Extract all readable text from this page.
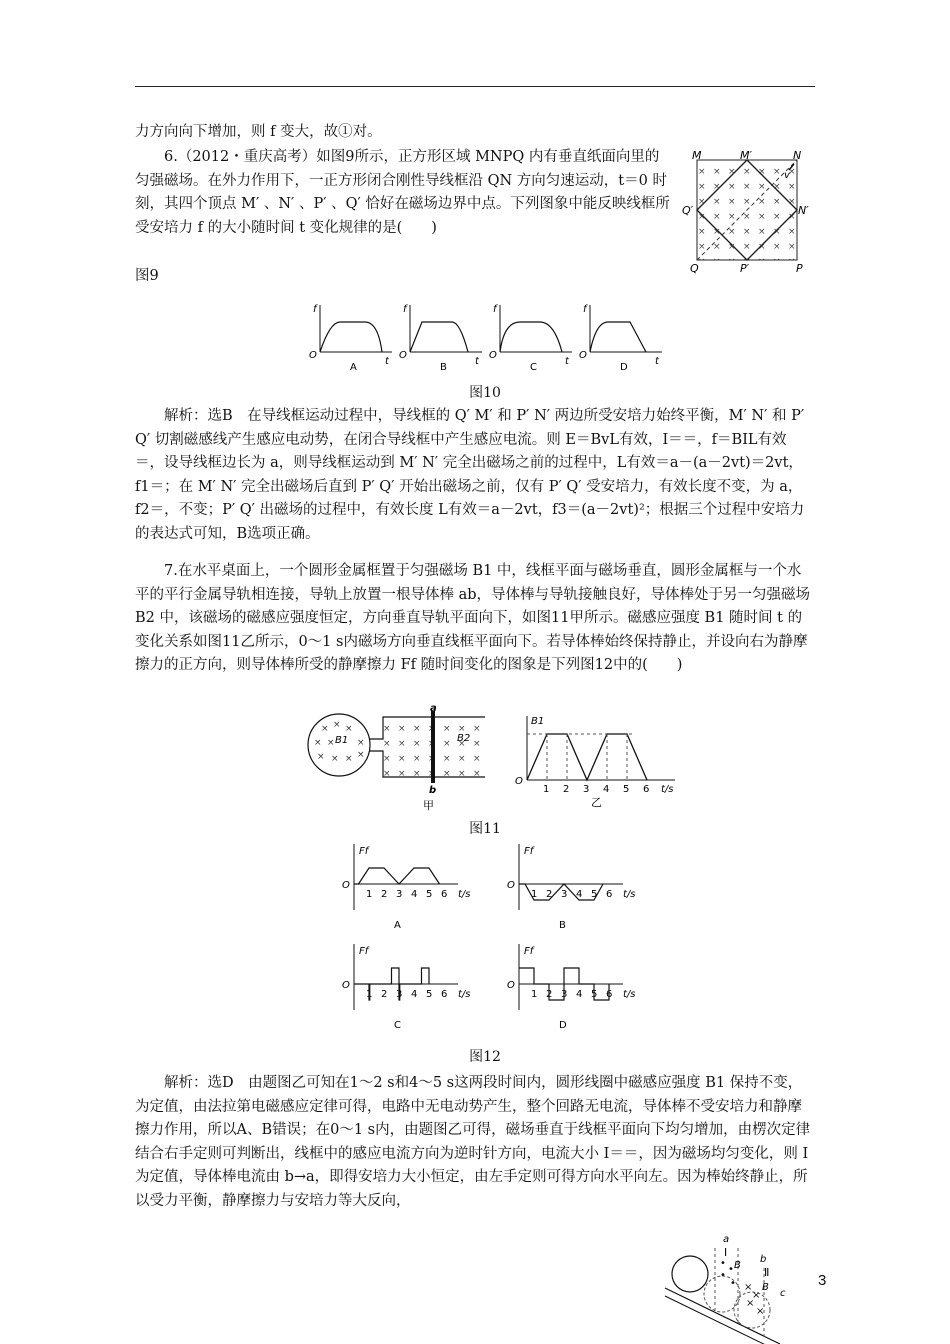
力方向向下增加，则 f 变大，故①对。

6.（2012・重庆高考）如图9所示，正方形区域 MNPQ 内有垂直纸面向里的匀强磁场。在外力作用下，一正方形闭合刚性导线框沿 QN 方向匀速运动，t＝0 时刻，其四个顶点 M′ 、N′ 、P′ 、Q′ 恰好在磁场边界中点。下列图象中能反映线框所受安培力 f 的大小随时间 t 变化规律的是(　　)

图9

M	M′	N
N′
Q′
Q	P′	P
v
O
f
t
A
O
f
t
B
O
f
t
C
O
f
t
D
图10

解析：选B　在导线框运动过程中，导线框的 Q′ M′ 和 P′ N′ 两边所受安培力始终平衡，M′ N′ 和 P′ Q′ 切割磁感线产生感应电动势，在闭合导线框中产生感应电流。则 E＝BvL有效，I＝＝，f＝BIL有效＝，设导线框边长为 a，则导线框运动到 M′ N′ 完全出磁场之前的过程中，L有效＝a－(a－2vt)＝2vt，f1＝；在 M′ N′ 完全出磁场后直到 P′ Q′ 开始出磁场之前，仅有 P′ Q′ 受安培力，有效长度不变，为 a，f2＝，不变；P′ Q′ 出磁场的过程中，有效长度 L有效＝a－2vt，f3＝(a－2vt)²；根据三个过程中安培力的表达式可知，B选项正确。

7.在水平桌面上，一个圆形金属框置于匀强磁场 B1 中，线框平面与磁场垂直，圆形金属框与一个水平的平行金属导轨相连接，导轨上放置一根导体棒 ab，导体棒与导轨接触良好，导体棒处于另一匀强磁场 B2 中，该磁场的磁感应强度恒定，方向垂直导轨平面向下，如图11甲所示。磁感应强度 B1 随时间 t 的变化关系如图11乙所示，0～1 s内磁场方向垂直线框平面向下。若导体棒始终保持静止，并设向右为静摩擦力的正方向，则导体棒所受的静摩擦力 Ff 随时间变化的图象是下列图12中的(　　)

× × ×
×	×
× × × ×
× B1
a
b
B2
甲
B1
O
1 2 3 4 5 6 t/s
乙
图11
Ff
O
1 2 3 4 5 6 t/s
A
Ff
O
1 2 3 4 5 6 t/s
B
Ff
O
1 2 3 4 5 6 t/s
C
Ff
O
1 2 3 4 5 6 t/s
D
图12

解析：选D　由题图乙可知在1～2 s和4～5 s这两段时间内，圆形线圈中磁感应强度 B1 保持不变，为定值，由法拉第电磁感应定律可得，电路中无电动势产生，整个回路无电流，导体棒不受安培力和静摩擦力作用，所以A、B错误；在0～1 s内，由题图乙可得，磁场垂直于线框平面向下均匀增加，由楞次定律结合右手定则可判断出，线框中的感应电流方向为逆时针方向，电流大小 I＝＝，因为磁场均匀变化，则 I 为定值，导体棒电流由 b→a，即得安培力大小恒定，由左手定则可得方向水平向左。因为棒始终静止，所以受力平衡，静摩擦力与安培力等大反向，

•
•
•
• ×
×
×
×
a
Ⅰ
B
b
Ⅱ
B
c
3
